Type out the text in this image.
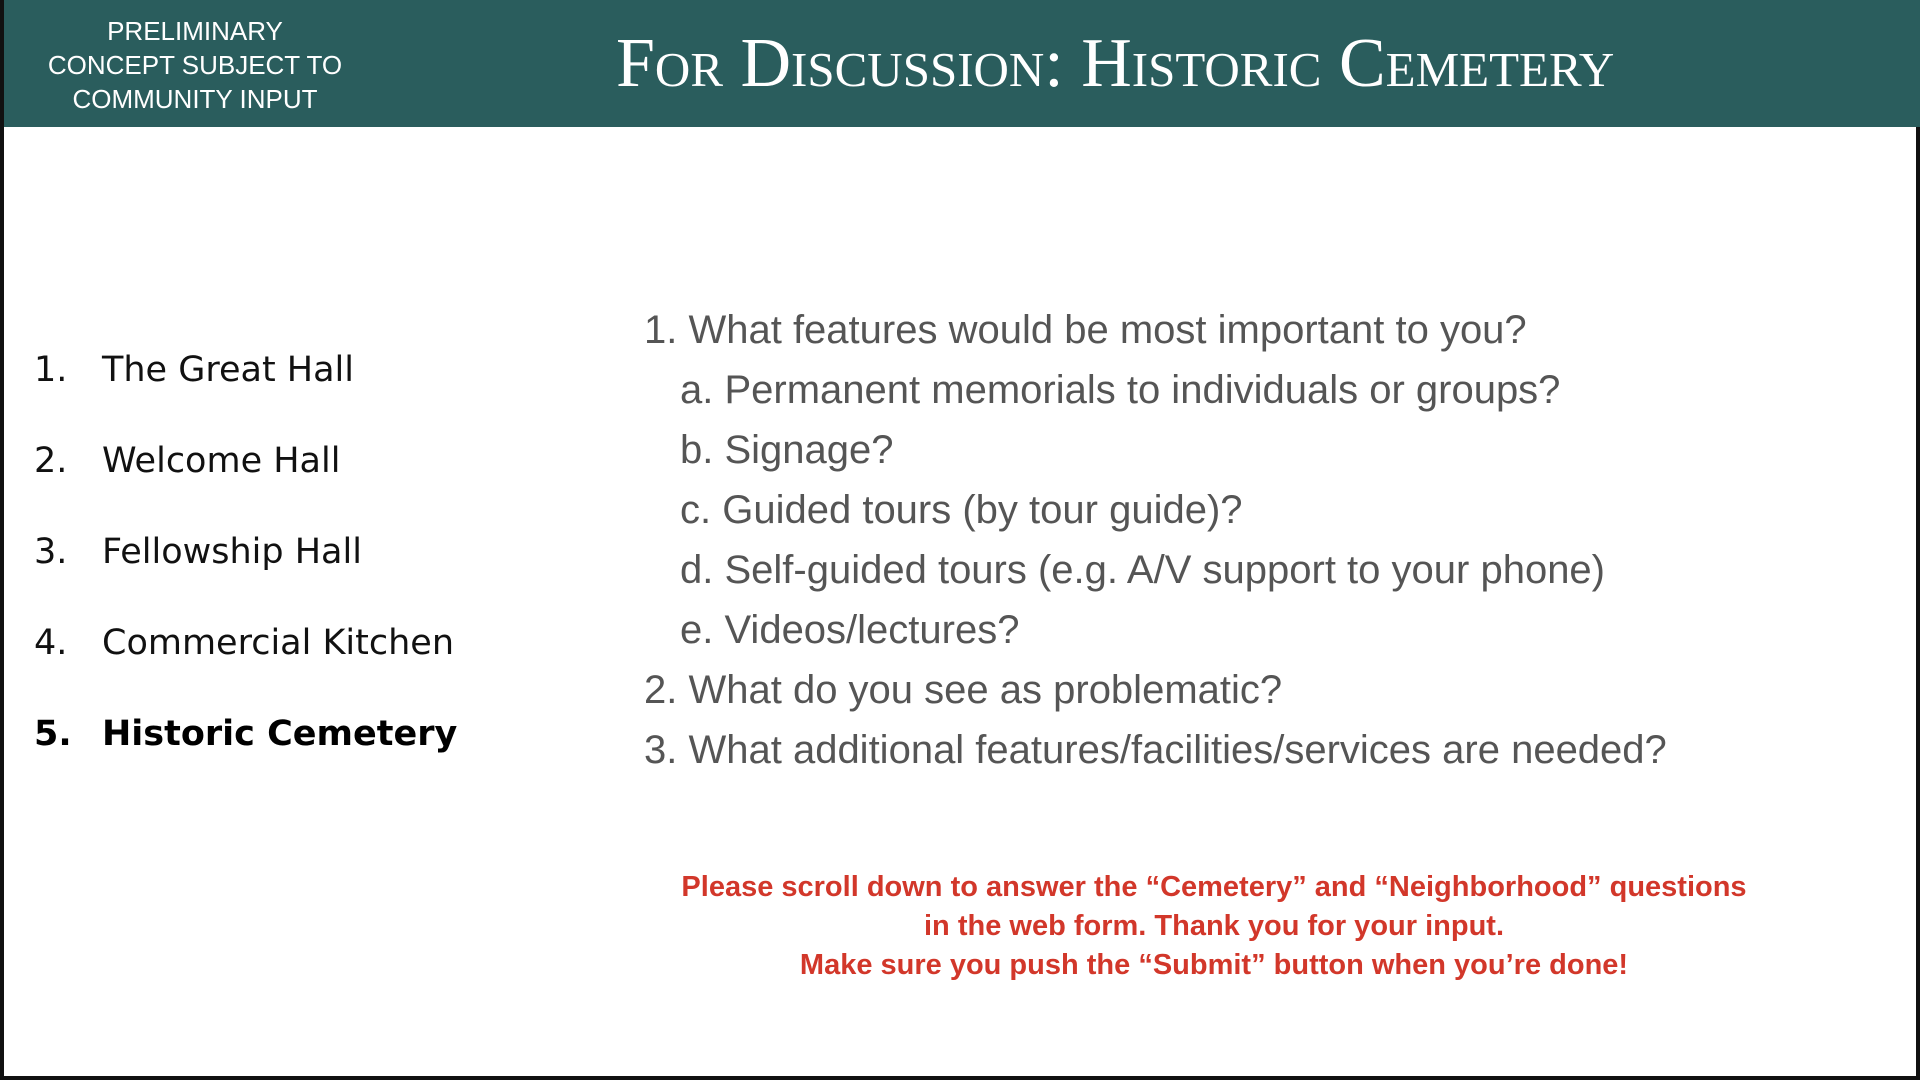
PRELIMINARY
CONCEPT SUBJECT TO
COMMUNITY INPUT	For Discussion: Historic Cemetery
1. The Great Hall
2. Welcome Hall
3. Fellowship Hall
4. Commercial Kitchen
5. Historic Cemetery
1. What features would be most important to you?
a. Permanent memorials to individuals or groups?
b. Signage?
c. Guided tours (by tour guide)?
d. Self-guided tours (e.g. A/V support to your phone)
e. Videos/lectures?
2. What do you see as problematic?
3. What additional features/facilities/services are needed?
Please scroll down to answer the “Cemetery” and “Neighborhood” questions
in the web form. Thank you for your input.
Make sure you push the “Submit” button when you’re done!
